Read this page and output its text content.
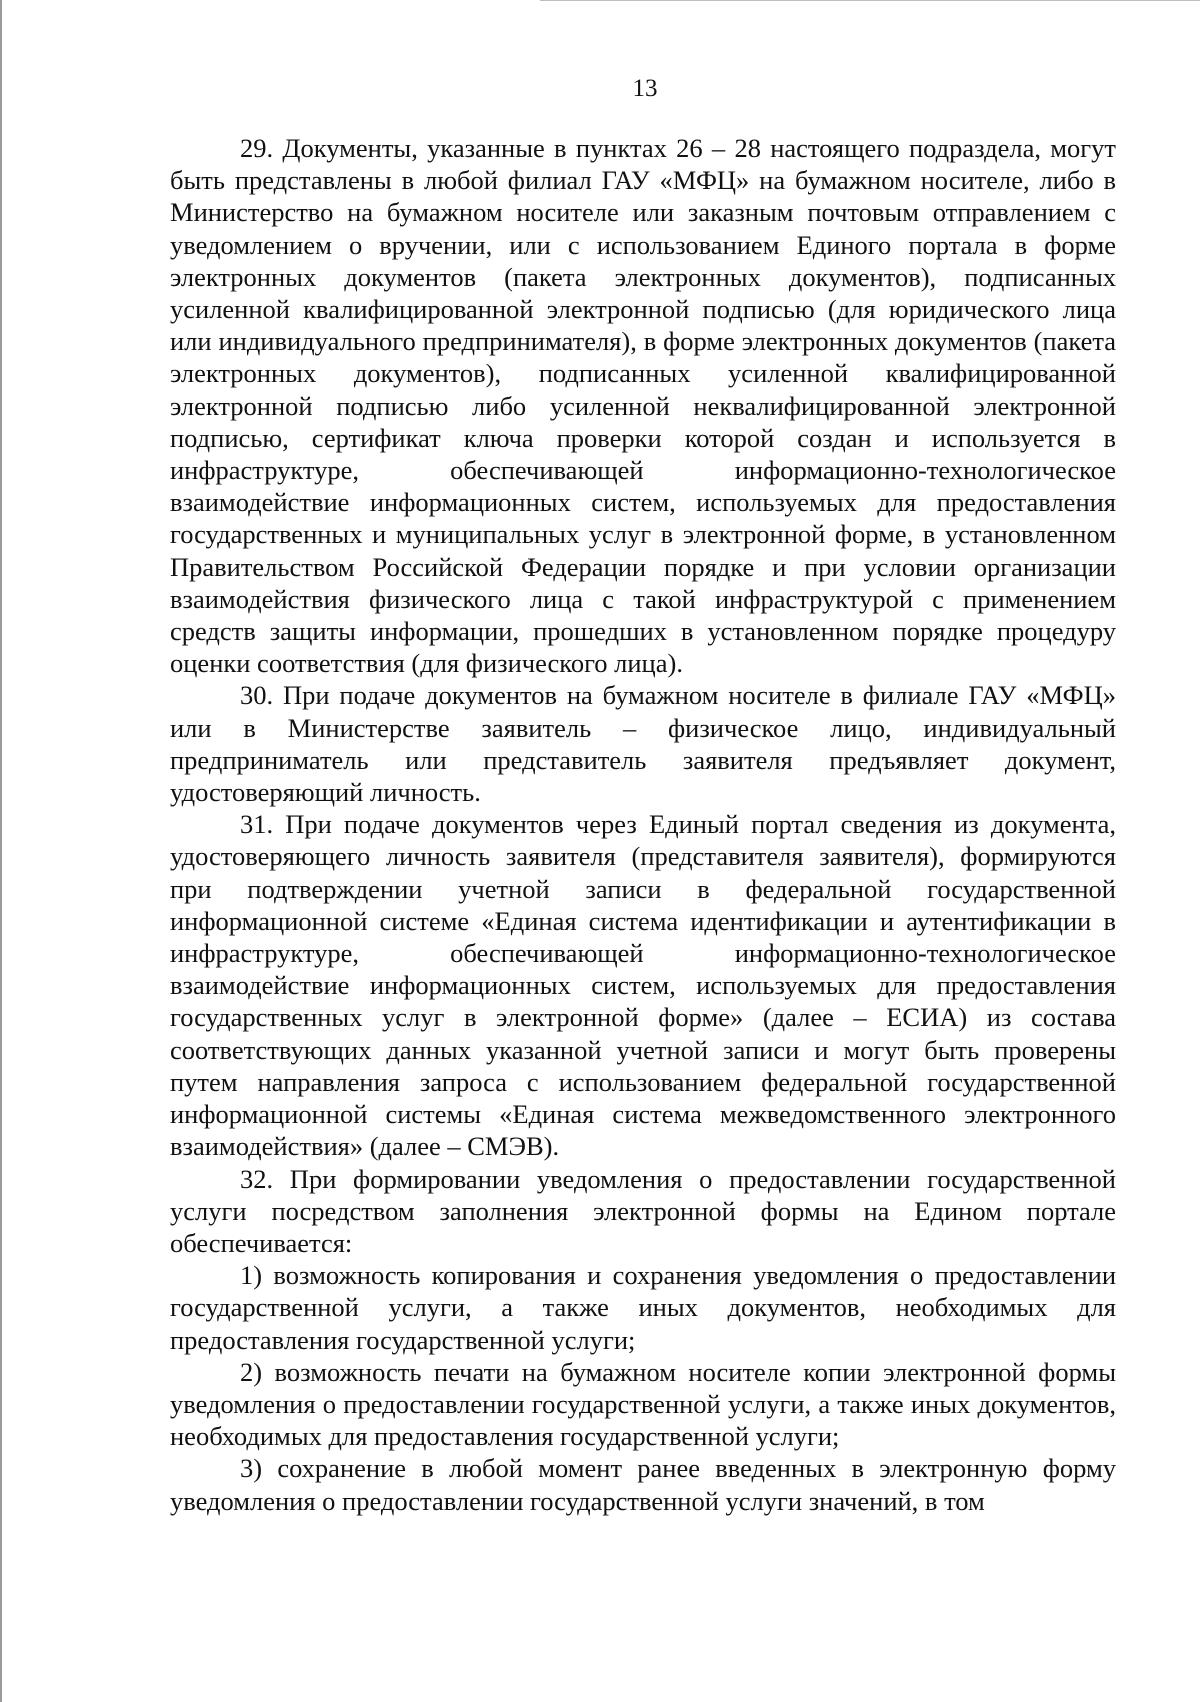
13

29. Документы, указанные в пунктах 26 – 28 настоящего подраздела, могут быть представлены в любой филиал ГАУ «МФЦ» на бумажном носителе, либо в Министерство на бумажном носителе или заказным почтовым отправлением с уведомлением о вручении, или с использованием Единого портала в форме электронных документов (пакета электронных документов), подписанных усиленной квалифицированной электронной подписью (для юридического лица или индивидуального предпринимателя), в форме электронных документов (пакета электронных документов), подписанных усиленной квалифицированной электронной подписью либо усиленной неквалифицированной электронной подписью, сертификат ключа проверки которой создан и используется в инфраструктуре, обеспечивающей информационно-технологическое взаимодействие информационных систем, используемых для предоставления государственных и муниципальных услуг в электронной форме, в установленном Правительством Российской Федерации порядке и при условии организации взаимодействия физического лица с такой инфраструктурой с применением средств защиты информации, прошедших в установленном порядке процедуру оценки соответствия (для физического лица).

30. При подаче документов на бумажном носителе в филиале ГАУ «МФЦ» или в Министерстве заявитель – физическое лицо, индивидуальный предприниматель или представитель заявителя предъявляет документ, удостоверяющий личность.

31. При подаче документов через Единый портал сведения из документа, удостоверяющего личность заявителя (представителя заявителя), формируются при подтверждении учетной записи в федеральной государственной информационной системе «Единая система идентификации и аутентификации в инфраструктуре, обеспечивающей информационно-технологическое взаимодействие информационных систем, используемых для предоставления государственных услуг в электронной форме» (далее – ЕСИА) из состава соответствующих данных указанной учетной записи и могут быть проверены путем направления запроса с использованием федеральной государственной информационной системы «Единая система межведомственного электронного взаимодействия» (далее – СМЭВ).

32. При формировании уведомления о предоставлении государственной услуги посредством заполнения электронной формы на Едином портале обеспечивается:

1) возможность копирования и сохранения уведомления о предоставлении государственной услуги, а также иных документов, необходимых для предоставления государственной услуги;

2) возможность печати на бумажном носителе копии электронной формы уведомления о предоставлении государственной услуги, а также иных документов, необходимых для предоставления государственной услуги;

3) сохранение в любой момент ранее введенных в электронную форму уведомления о предоставлении государственной услуги значений, в том
